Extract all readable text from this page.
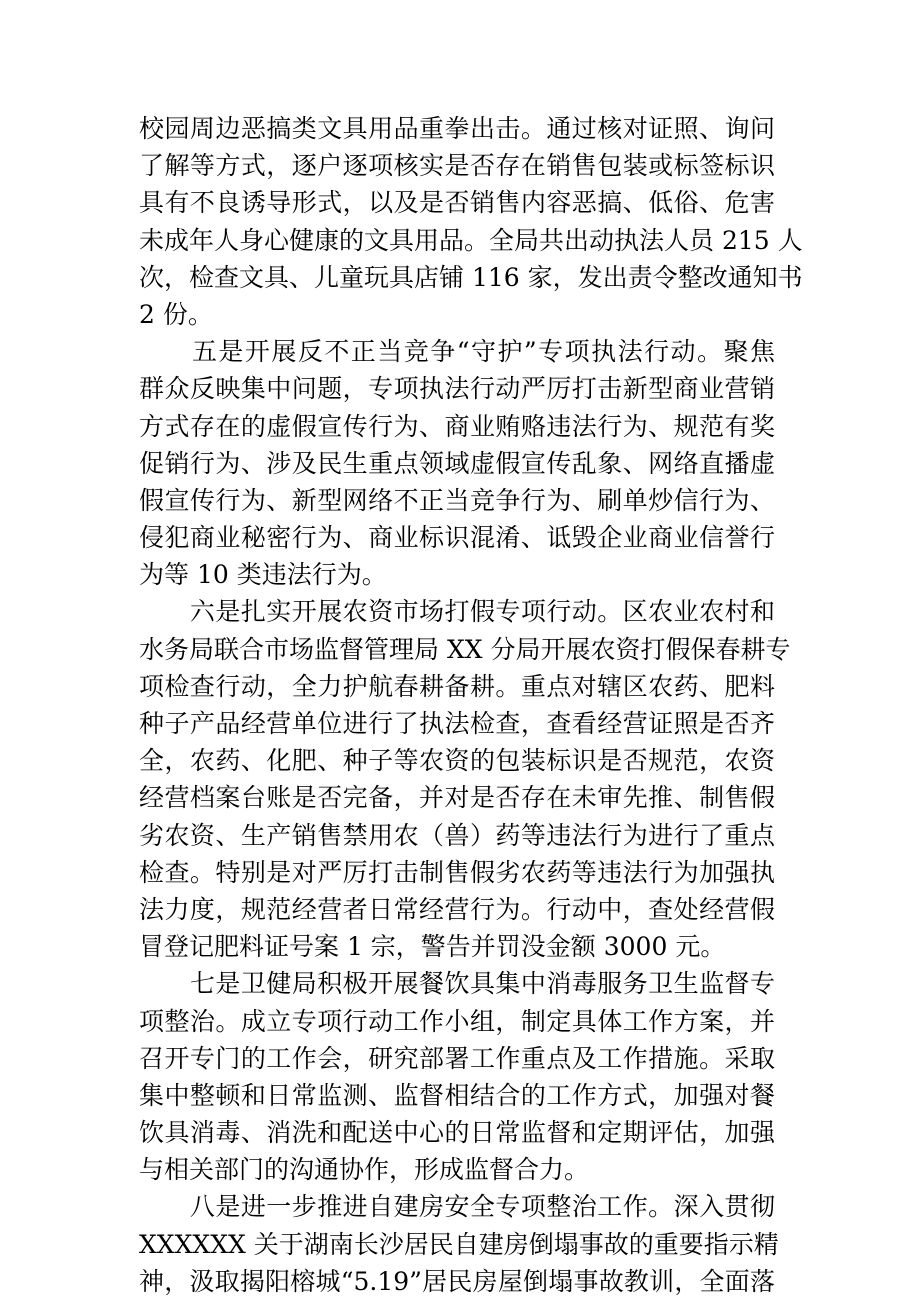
校园周边恶搞类文具用品重拳出击。通过核对证照、询问
了解等方式，逐户逐项核实是否存在销售包装或标签标识
具有不良诱导形式，以及是否销售内容恶搞、低俗、危害
未成年人身心健康的文具用品。全局共出动执法人员 215 人
次，检查文具、儿童玩具店铺 116 家，发出责令整改通知书
2 份。
　　五是开展反不正当竞争“守护”专项执法行动。聚焦
群众反映集中问题，专项执法行动严厉打击新型商业营销
方式存在的虚假宣传行为、商业贿赂违法行为、规范有奖
促销行为、涉及民生重点领域虚假宣传乱象、网络直播虚
假宣传行为、新型网络不正当竞争行为、刷单炒信行为、
侵犯商业秘密行为、商业标识混淆、诋毁企业商业信誉行
为等 10 类违法行为。
　　六是扎实开展农资市场打假专项行动。区农业农村和
水务局联合市场监督管理局 XX 分局开展农资打假保春耕专
项检查行动，全力护航春耕备耕。重点对辖区农药、肥料
种子产品经营单位进行了执法检查，查看经营证照是否齐
全，农药、化肥、种子等农资的包装标识是否规范，农资
经营档案台账是否完备，并对是否存在未审先推、制售假
劣农资、生产销售禁用农（兽）药等违法行为进行了重点
检查。特别是对严厉打击制售假劣农药等违法行为加强执
法力度，规范经营者日常经营行为。行动中，查处经营假
冒登记肥料证号案 1 宗，警告并罚没金额 3000 元。
　　七是卫健局积极开展餐饮具集中消毒服务卫生监督专
项整治。成立专项行动工作小组，制定具体工作方案，并
召开专门的工作会，研究部署工作重点及工作措施。采取
集中整顿和日常监测、监督相结合的工作方式，加强对餐
饮具消毒、消洗和配送中心的日常监督和定期评估，加强
与相关部门的沟通协作，形成监督合力。
　　八是进一步推进自建房安全专项整治工作。深入贯彻
XXXXXX 关于湖南长沙居民自建房倒塌事故的重要指示精
神，汲取揭阳榕城“5.19”居民房屋倒塌事故教训，全面落
